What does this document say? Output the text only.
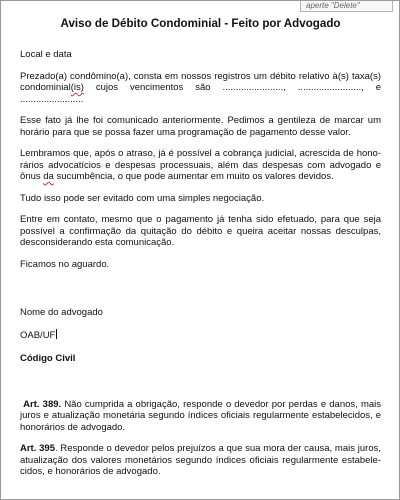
aperte "Delete"
Aviso de Débito Condominial - Feito por Advogado
Local e data
Prezado(a) condômino(a), consta em nossos registros um débito relativo à(s) taxa(s) condominial(is) cujos vencimentos são ......................., ........................, e ........................
Esse fato já lhe foi comunicado anteriormente. Pedimos a gentileza de marcar um horário para que se possa fazer uma programação de pagamento desse valor.
Lembramos que, após o atraso, já é possível a cobrança judicial, acrescida de hono-rários advocatícios e despesas processuais, além das despesas com advogado e ônus da sucumbência, o que pode aumentar em muito os valores devidos.
Tudo isso pode ser evitado com uma simples negociação.
Entre em contato, mesmo que o pagamento já tenha sido efetuado, para que seja possível a confirmação da quitação do débito e queira aceitar nossas desculpas, desconsiderando esta comunicação.
Ficamos no aguardo.
Nome do advogado
OAB/UF
Código Civil
Art. 389. Não cumprida a obrigação, responde o devedor por perdas e danos, mais juros e atualização monetária segundo índices oficiais regularmente estabelecidos, e honorários de advogado.
Art. 395. Responde o devedor pelos prejuízos a que sua mora der causa, mais juros, atualização dos valores monetários segundo índices oficiais regularmente estabele-cidos, e honorários de advogado.
